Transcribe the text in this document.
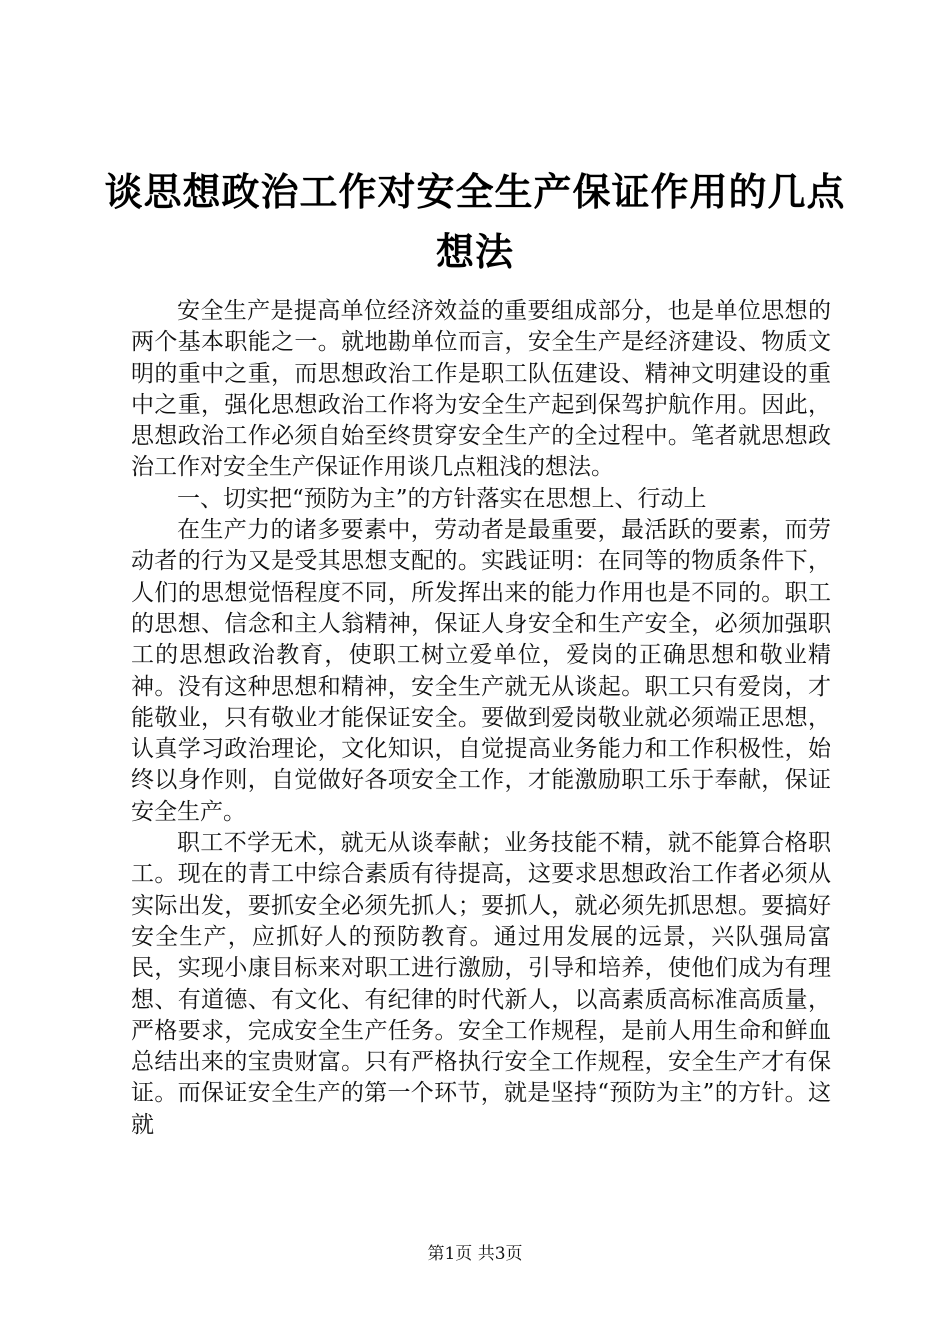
谈思想政治工作对安全生产保证作用的几点想法

安全生产是提高单位经济效益的重要组成部分，也是单位思想的两个基本职能之一。就地勘单位而言，安全生产是经济建设、物质文明的重中之重，而思想政治工作是职工队伍建设、精神文明建设的重中之重，强化思想政治工作将为安全生产起到保驾护航作用。因此，思想政治工作必须自始至终贯穿安全生产的全过程中。笔者就思想政治工作对安全生产保证作用谈几点粗浅的想法。

一、切实把“预防为主”的方针落实在思想上、行动上

在生产力的诸多要素中，劳动者是最重要，最活跃的要素，而劳动者的行为又是受其思想支配的。实践证明：在同等的物质条件下，人们的思想觉悟程度不同，所发挥出来的能力作用也是不同的。职工的思想、信念和主人翁精神，保证人身安全和生产安全，必须加强职工的思想政治教育，使职工树立爱单位，爱岗的正确思想和敬业精神。没有这种思想和精神，安全生产就无从谈起。职工只有爱岗，才能敬业，只有敬业才能保证安全。要做到爱岗敬业就必须端正思想，认真学习政治理论，文化知识，自觉提高业务能力和工作积极性，始终以身作则，自觉做好各项安全工作，才能激励职工乐于奉献，保证安全生产。

职工不学无术，就无从谈奉献；业务技能不精，就不能算合格职工。现在的青工中综合素质有待提高，这要求思想政治工作者必须从实际出发，要抓安全必须先抓人；要抓人，就必须先抓思想。要搞好安全生产，应抓好人的预防教育。通过用发展的远景，兴队强局富民，实现小康目标来对职工进行激励，引导和培养，使他们成为有理想、有道德、有文化、有纪律的时代新人，以高素质高标准高质量，严格要求，完成安全生产任务。安全工作规程，是前人用生命和鲜血总结出来的宝贵财富。只有严格执行安全工作规程，安全生产才有保证。而保证安全生产的第一个环节，就是坚持“预防为主”的方针。这就

第1页 共3页
